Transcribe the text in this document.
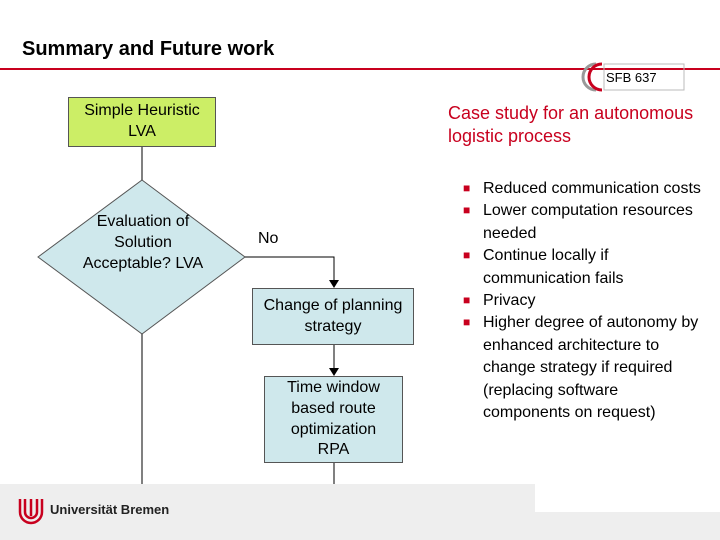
Summary and Future work
SFB 637
Simple Heuristic LVA
Evaluation of Solution Acceptable? LVA
No
Change of planning strategy
Time window based route optimization RPA
Case study for an autonomous logistic process
■ Reduced communication costs
■ Lower computation resources needed
■ Continue locally if communication fails
■ Privacy
■ Higher degree of autonomy by enhanced architecture to change strategy if required (replacing software components on request)
Universität Bremen
